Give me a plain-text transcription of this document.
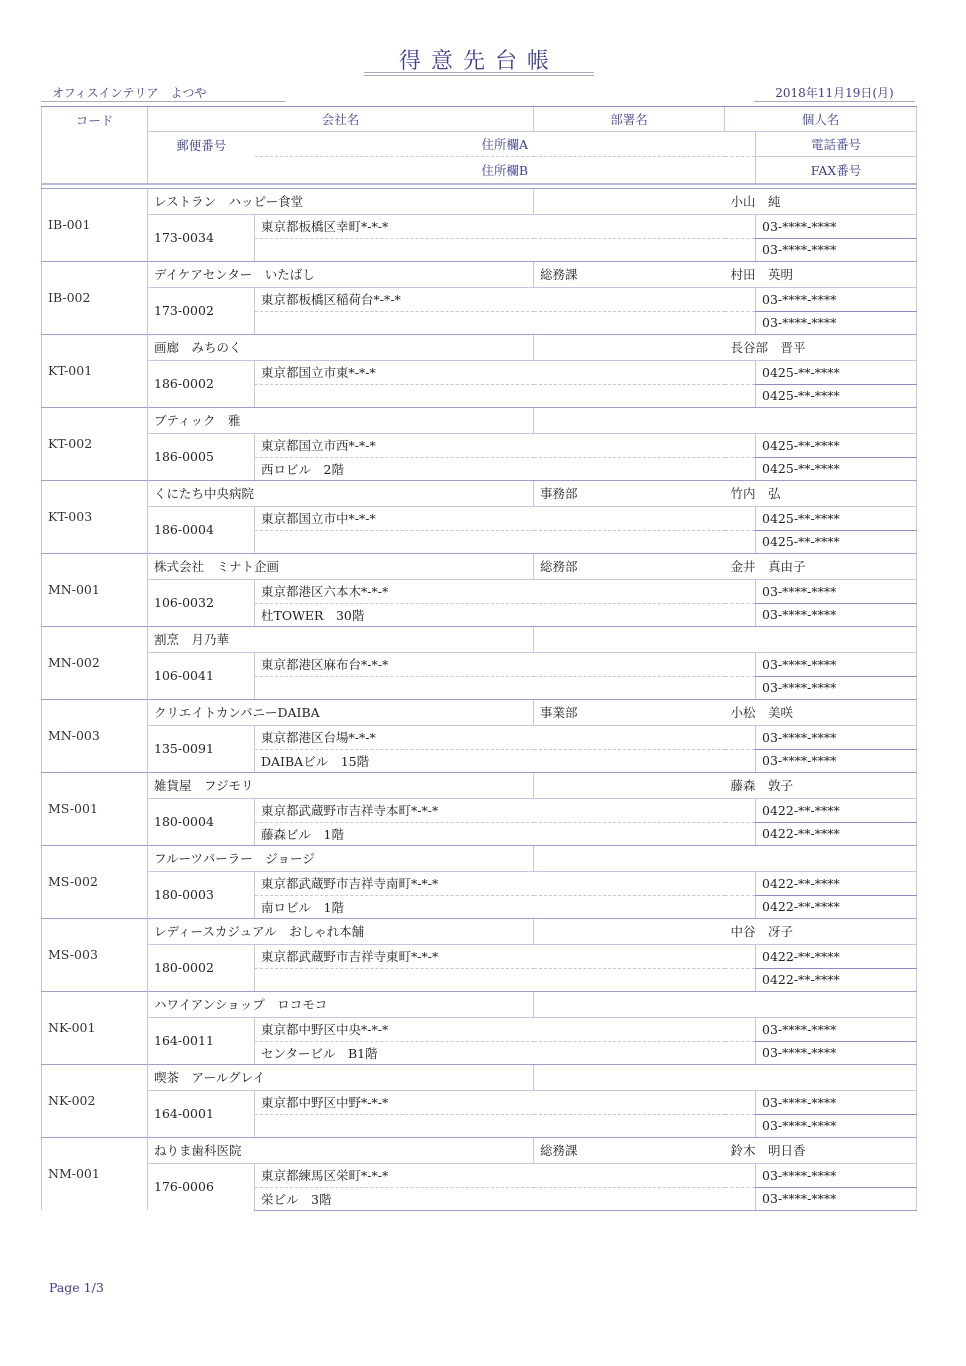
得意先台帳
オフィスインテリア　よつや	2018年11月19日(月)
コード	会社名		部署名	個人名	
	郵便番号	住所欄A			電話番号
		住所欄B			FAX番号

IB-001	レストラン　ハッピー食堂			小山　純	
	173-0034	東京都板橋区幸町*-*-*			03-****-****
					03-****-****
IB-002	デイケアセンター　いたばし		総務課	村田　英明	
	173-0002	東京都板橋区稲荷台*-*-*			03-****-****
					03-****-****
KT-001	画廊　みちのく			長谷部　晋平	
	186-0002	東京都国立市東*-*-*			0425-**-****
					0425-**-****
KT-002	ブティック　雅				
	186-0005	東京都国立市西*-*-*			0425-**-****
		西ロビル　2階			0425-**-****
KT-003	くにたち中央病院		事務部	竹内　弘	
	186-0004	東京都国立市中*-*-*			0425-**-****
					0425-**-****
MN-001	株式会社　ミナト企画		総務部	金井　真由子	
	106-0032	東京都港区六本木*-*-*			03-****-****
		杜TOWER　30階			03-****-****
MN-002	割烹　月乃華				
	106-0041	東京都港区麻布台*-*-*			03-****-****
					03-****-****
MN-003	クリエイトカンパニーDAIBA		事業部	小松　美咲	
	135-0091	東京都港区台場*-*-*			03-****-****
		DAIBAビル　15階			03-****-****
MS-001	雑貨屋　フジモリ			藤森　敦子	
	180-0004	東京都武蔵野市吉祥寺本町*-*-*			0422-**-****
		藤森ビル　1階			0422-**-****
MS-002	フルーツパーラー　ジョージ				
	180-0003	東京都武蔵野市吉祥寺南町*-*-*			0422-**-****
		南ロビル　1階			0422-**-****
MS-003	レディースカジュアル　おしゃれ本舗			中谷　冴子	
	180-0002	東京都武蔵野市吉祥寺東町*-*-*			0422-**-****
					0422-**-****
NK-001	ハワイアンショップ　ロコモコ				
	164-0011	東京都中野区中央*-*-*			03-****-****
		センタービル　B1階			03-****-****
NK-002	喫茶　アールグレイ				
	164-0001	東京都中野区中野*-*-*			03-****-****
					03-****-****
NM-001	ねりま歯科医院		総務課	鈴木　明日香	
	176-0006	東京都練馬区栄町*-*-*			03-****-****
		栄ビル　3階			03-****-****
Page 1/3
